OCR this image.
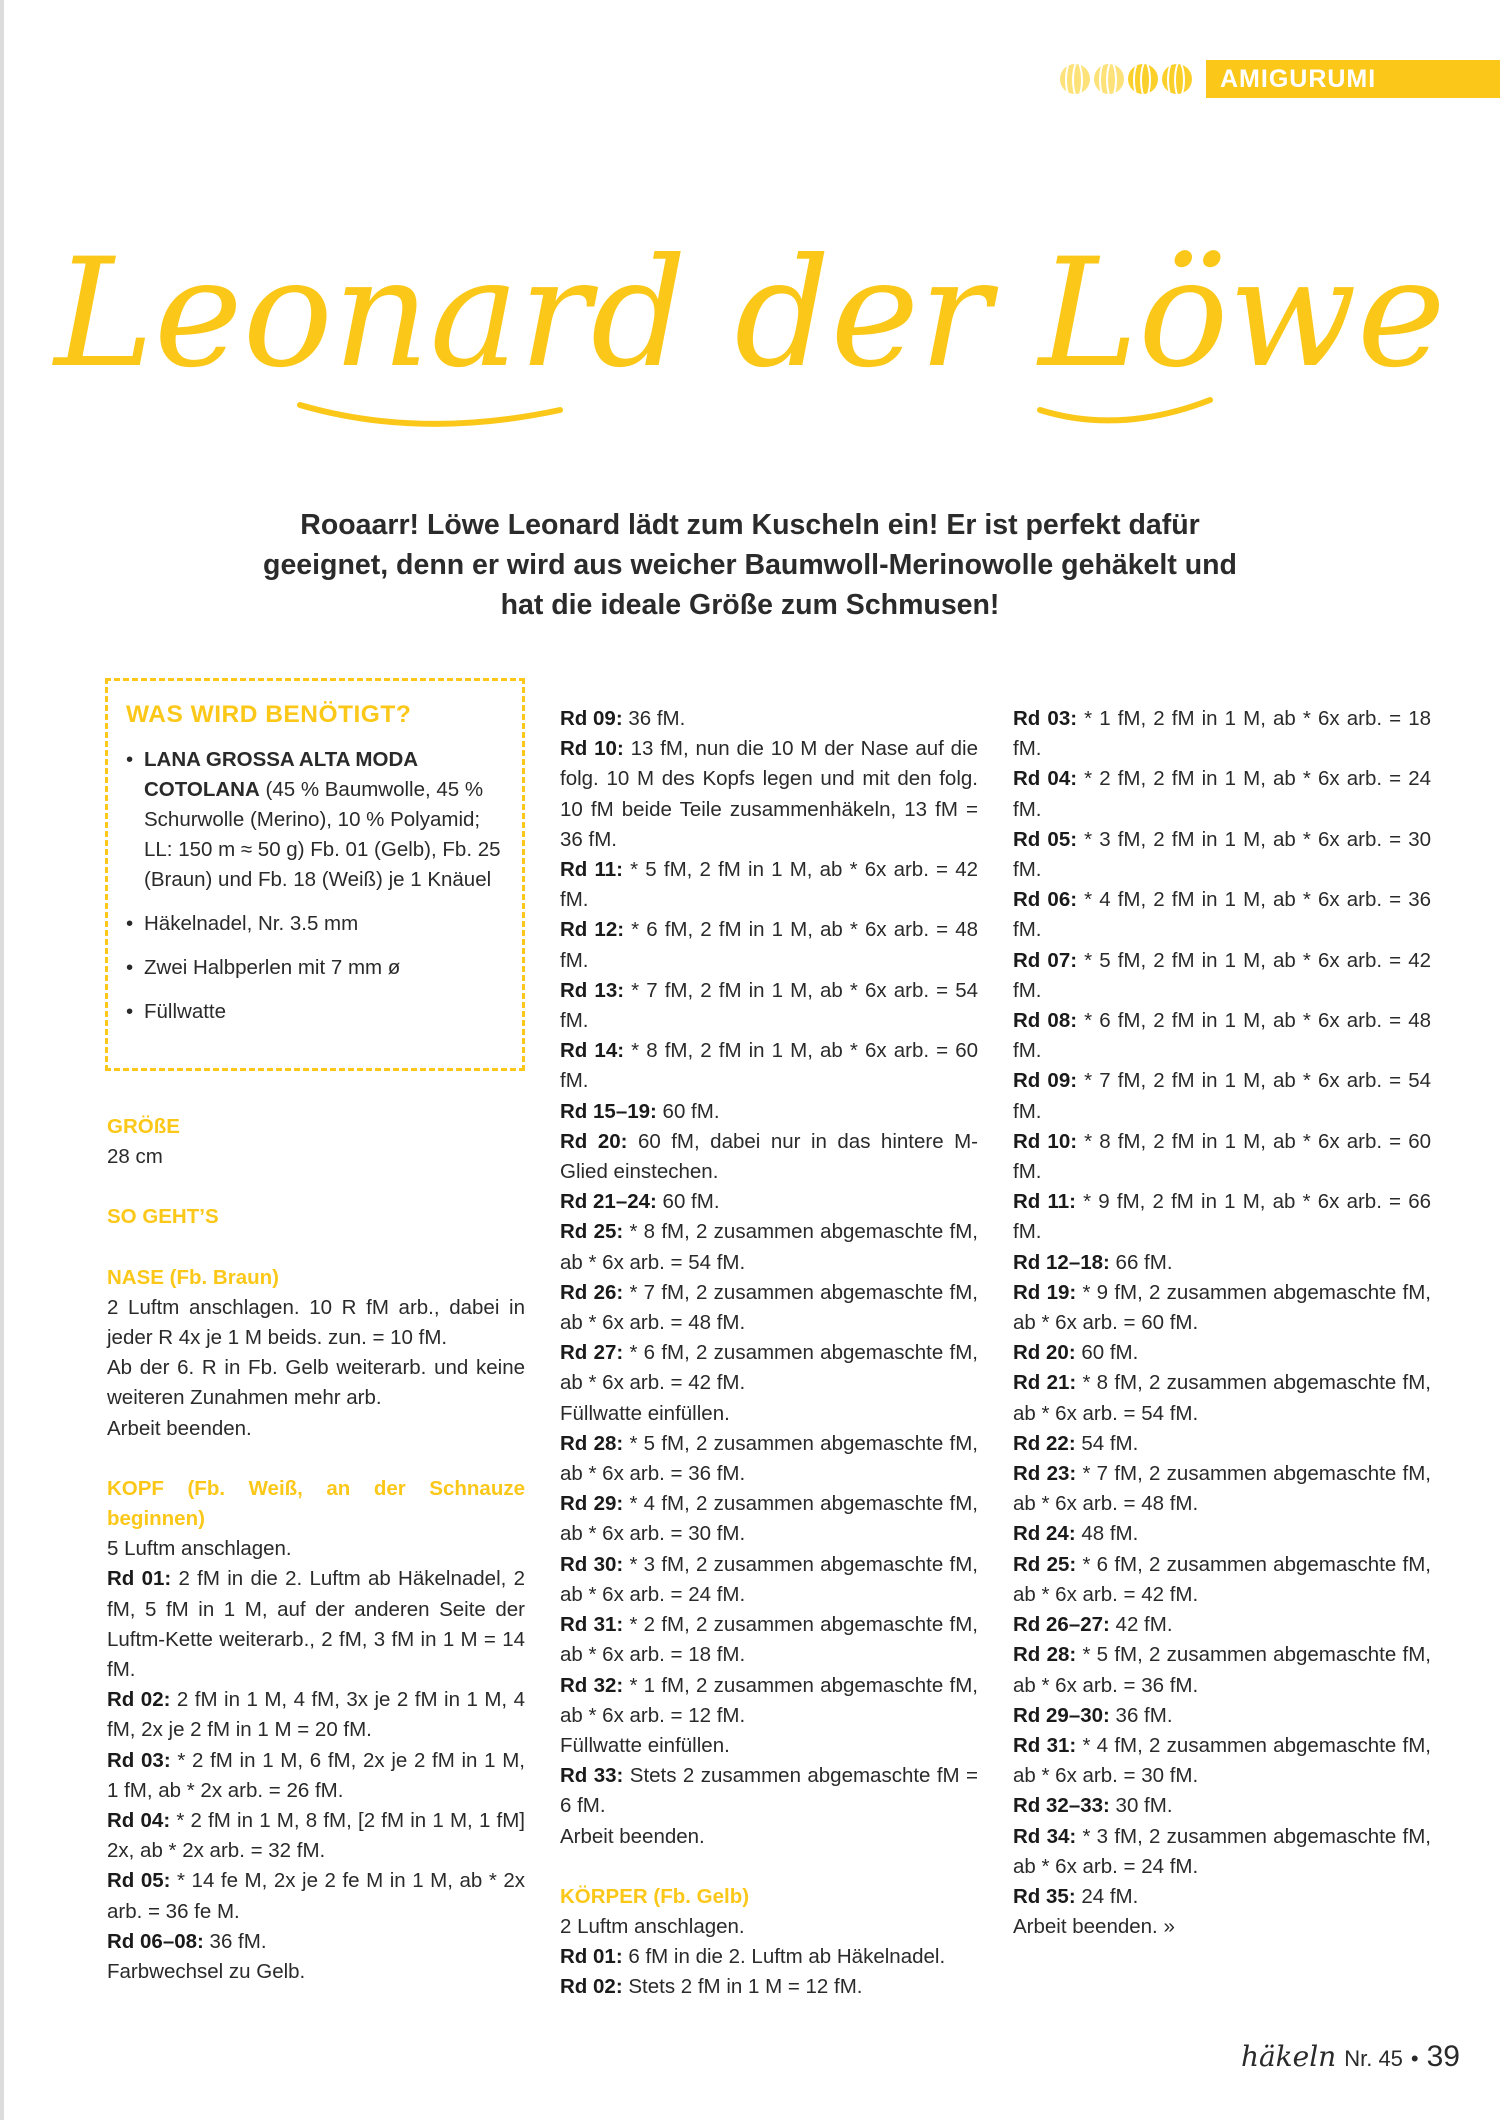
AMIGURUMI
Leonard der Löwe
Rooaarr! Löwe Leonard lädt zum Kuscheln ein! Er ist perfekt dafür
geeignet, denn er wird aus weicher Baumwoll-Merinowolle gehäkelt und
hat die ideale Größe zum Schmusen!
WAS WIRD BENÖTIGT?
• LANA GROSSA ALTA MODA COTOLANA (45 % Baumwolle, 45 % Schurwolle (Merino), 10 % Polyamid; LL: 150 m ≈ 50 g) Fb. 01 (Gelb), Fb. 25 (Braun) und Fb. 18 (Weiß) je 1 Knäuel
• Häkelnadel, Nr. 3.5 mm
• Zwei Halbperlen mit 7 mm ø
• Füllwatte

GRÖßE

28 cm

SO GEHT’S

NASE (Fb. Braun)

2 Luftm anschlagen. 10 R fM arb., dabei in jeder R 4x je 1 M beids. zun. = 10 fM.

Ab der 6. R in Fb. Gelb weiterarb. und keine weiteren Zunahmen mehr arb.

Arbeit beenden.

KOPF (Fb. Weiß, an der Schnauze beginnen)

5 Luftm anschlagen.

Rd 01: 2 fM in die 2. Luftm ab Häkelnadel, 2 fM, 5 fM in 1 M, auf der anderen Seite der Luftm-Kette weiterarb., 2 fM, 3 fM in 1 M = 14 fM.

Rd 02: 2 fM in 1 M, 4 fM, 3x je 2 fM in 1 M, 4 fM, 2x je 2 fM in 1 M = 20 fM.

Rd 03: * 2 fM in 1 M, 6 fM, 2x je 2 fM in 1 M, 1 fM, ab * 2x arb. = 26 fM.

Rd 04: * 2 fM in 1 M, 8 fM, [2 fM in 1 M, 1 fM] 2x, ab * 2x arb. = 32 fM.

Rd 05: * 14 fe M, 2x je 2 fe M in 1 M, ab * 2x arb. = 36 fe M.

Rd 06–08: 36 fM.

Farbwechsel zu Gelb.

Rd 09: 36 fM.

Rd 10: 13 fM, nun die 10 M der Nase auf die folg. 10 M des Kopfs legen und mit den folg. 10 fM beide Teile zusammenhäkeln, 13 fM = 36 fM.

Rd 11: * 5 fM, 2 fM in 1 M, ab * 6x arb. = 42 fM.

Rd 12: * 6 fM, 2 fM in 1 M, ab * 6x arb. = 48 fM.

Rd 13: * 7 fM, 2 fM in 1 M, ab * 6x arb. = 54 fM.

Rd 14: * 8 fM, 2 fM in 1 M, ab * 6x arb. = 60 fM.

Rd 15–19: 60 fM.

Rd 20: 60 fM, dabei nur in das hintere M-Glied einstechen.

Rd 21–24: 60 fM.

Rd 25: * 8 fM, 2 zusammen abgemaschte fM, ab * 6x arb. = 54 fM.

Rd 26: * 7 fM, 2 zusammen abgemaschte fM, ab * 6x arb. = 48 fM.

Rd 27: * 6 fM, 2 zusammen abgemaschte fM, ab * 6x arb. = 42 fM.

Füllwatte einfüllen.

Rd 28: * 5 fM, 2 zusammen abgemaschte fM, ab * 6x arb. = 36 fM.

Rd 29: * 4 fM, 2 zusammen abgemaschte fM, ab * 6x arb. = 30 fM.

Rd 30: * 3 fM, 2 zusammen abgemaschte fM, ab * 6x arb. = 24 fM.

Rd 31: * 2 fM, 2 zusammen abgemaschte fM, ab * 6x arb. = 18 fM.

Rd 32: * 1 fM, 2 zusammen abgemaschte fM, ab * 6x arb. = 12 fM.

Füllwatte einfüllen.

Rd 33: Stets 2 zusammen abgemaschte fM = 6 fM.

Arbeit beenden.

KÖRPER (Fb. Gelb)

2 Luftm anschlagen.

Rd 01: 6 fM in die 2. Luftm ab Häkelnadel.

Rd 02: Stets 2 fM in 1 M = 12 fM.

Rd 03: * 1 fM, 2 fM in 1 M, ab * 6x arb. = 18 fM.

Rd 04: * 2 fM, 2 fM in 1 M, ab * 6x arb. = 24 fM.

Rd 05: * 3 fM, 2 fM in 1 M, ab * 6x arb. = 30 fM.

Rd 06: * 4 fM, 2 fM in 1 M, ab * 6x arb. = 36 fM.

Rd 07: * 5 fM, 2 fM in 1 M, ab * 6x arb. = 42 fM.

Rd 08: * 6 fM, 2 fM in 1 M, ab * 6x arb. = 48 fM.

Rd 09: * 7 fM, 2 fM in 1 M, ab * 6x arb. = 54 fM.

Rd 10: * 8 fM, 2 fM in 1 M, ab * 6x arb. = 60 fM.

Rd 11: * 9 fM, 2 fM in 1 M, ab * 6x arb. = 66 fM.

Rd 12–18: 66 fM.

Rd 19: * 9 fM, 2 zusammen abgemaschte fM, ab * 6x arb. = 60 fM.

Rd 20: 60 fM.

Rd 21: * 8 fM, 2 zusammen abgemaschte fM, ab * 6x arb. = 54 fM.

Rd 22: 54 fM.

Rd 23: * 7 fM, 2 zusammen abgemaschte fM, ab * 6x arb. = 48 fM.

Rd 24: 48 fM.

Rd 25: * 6 fM, 2 zusammen abgemaschte fM, ab * 6x arb. = 42 fM.

Rd 26–27: 42 fM.

Rd 28: * 5 fM, 2 zusammen abgemaschte fM, ab * 6x arb. = 36 fM.

Rd 29–30: 36 fM.

Rd 31: * 4 fM, 2 zusammen abgemaschte fM, ab * 6x arb. = 30 fM.

Rd 32–33: 30 fM.

Rd 34: * 3 fM, 2 zusammen abgemaschte fM, ab * 6x arb. = 24 fM.

Rd 35: 24 fM.

Arbeit beenden. »

häkeln Nr. 45 • 39
